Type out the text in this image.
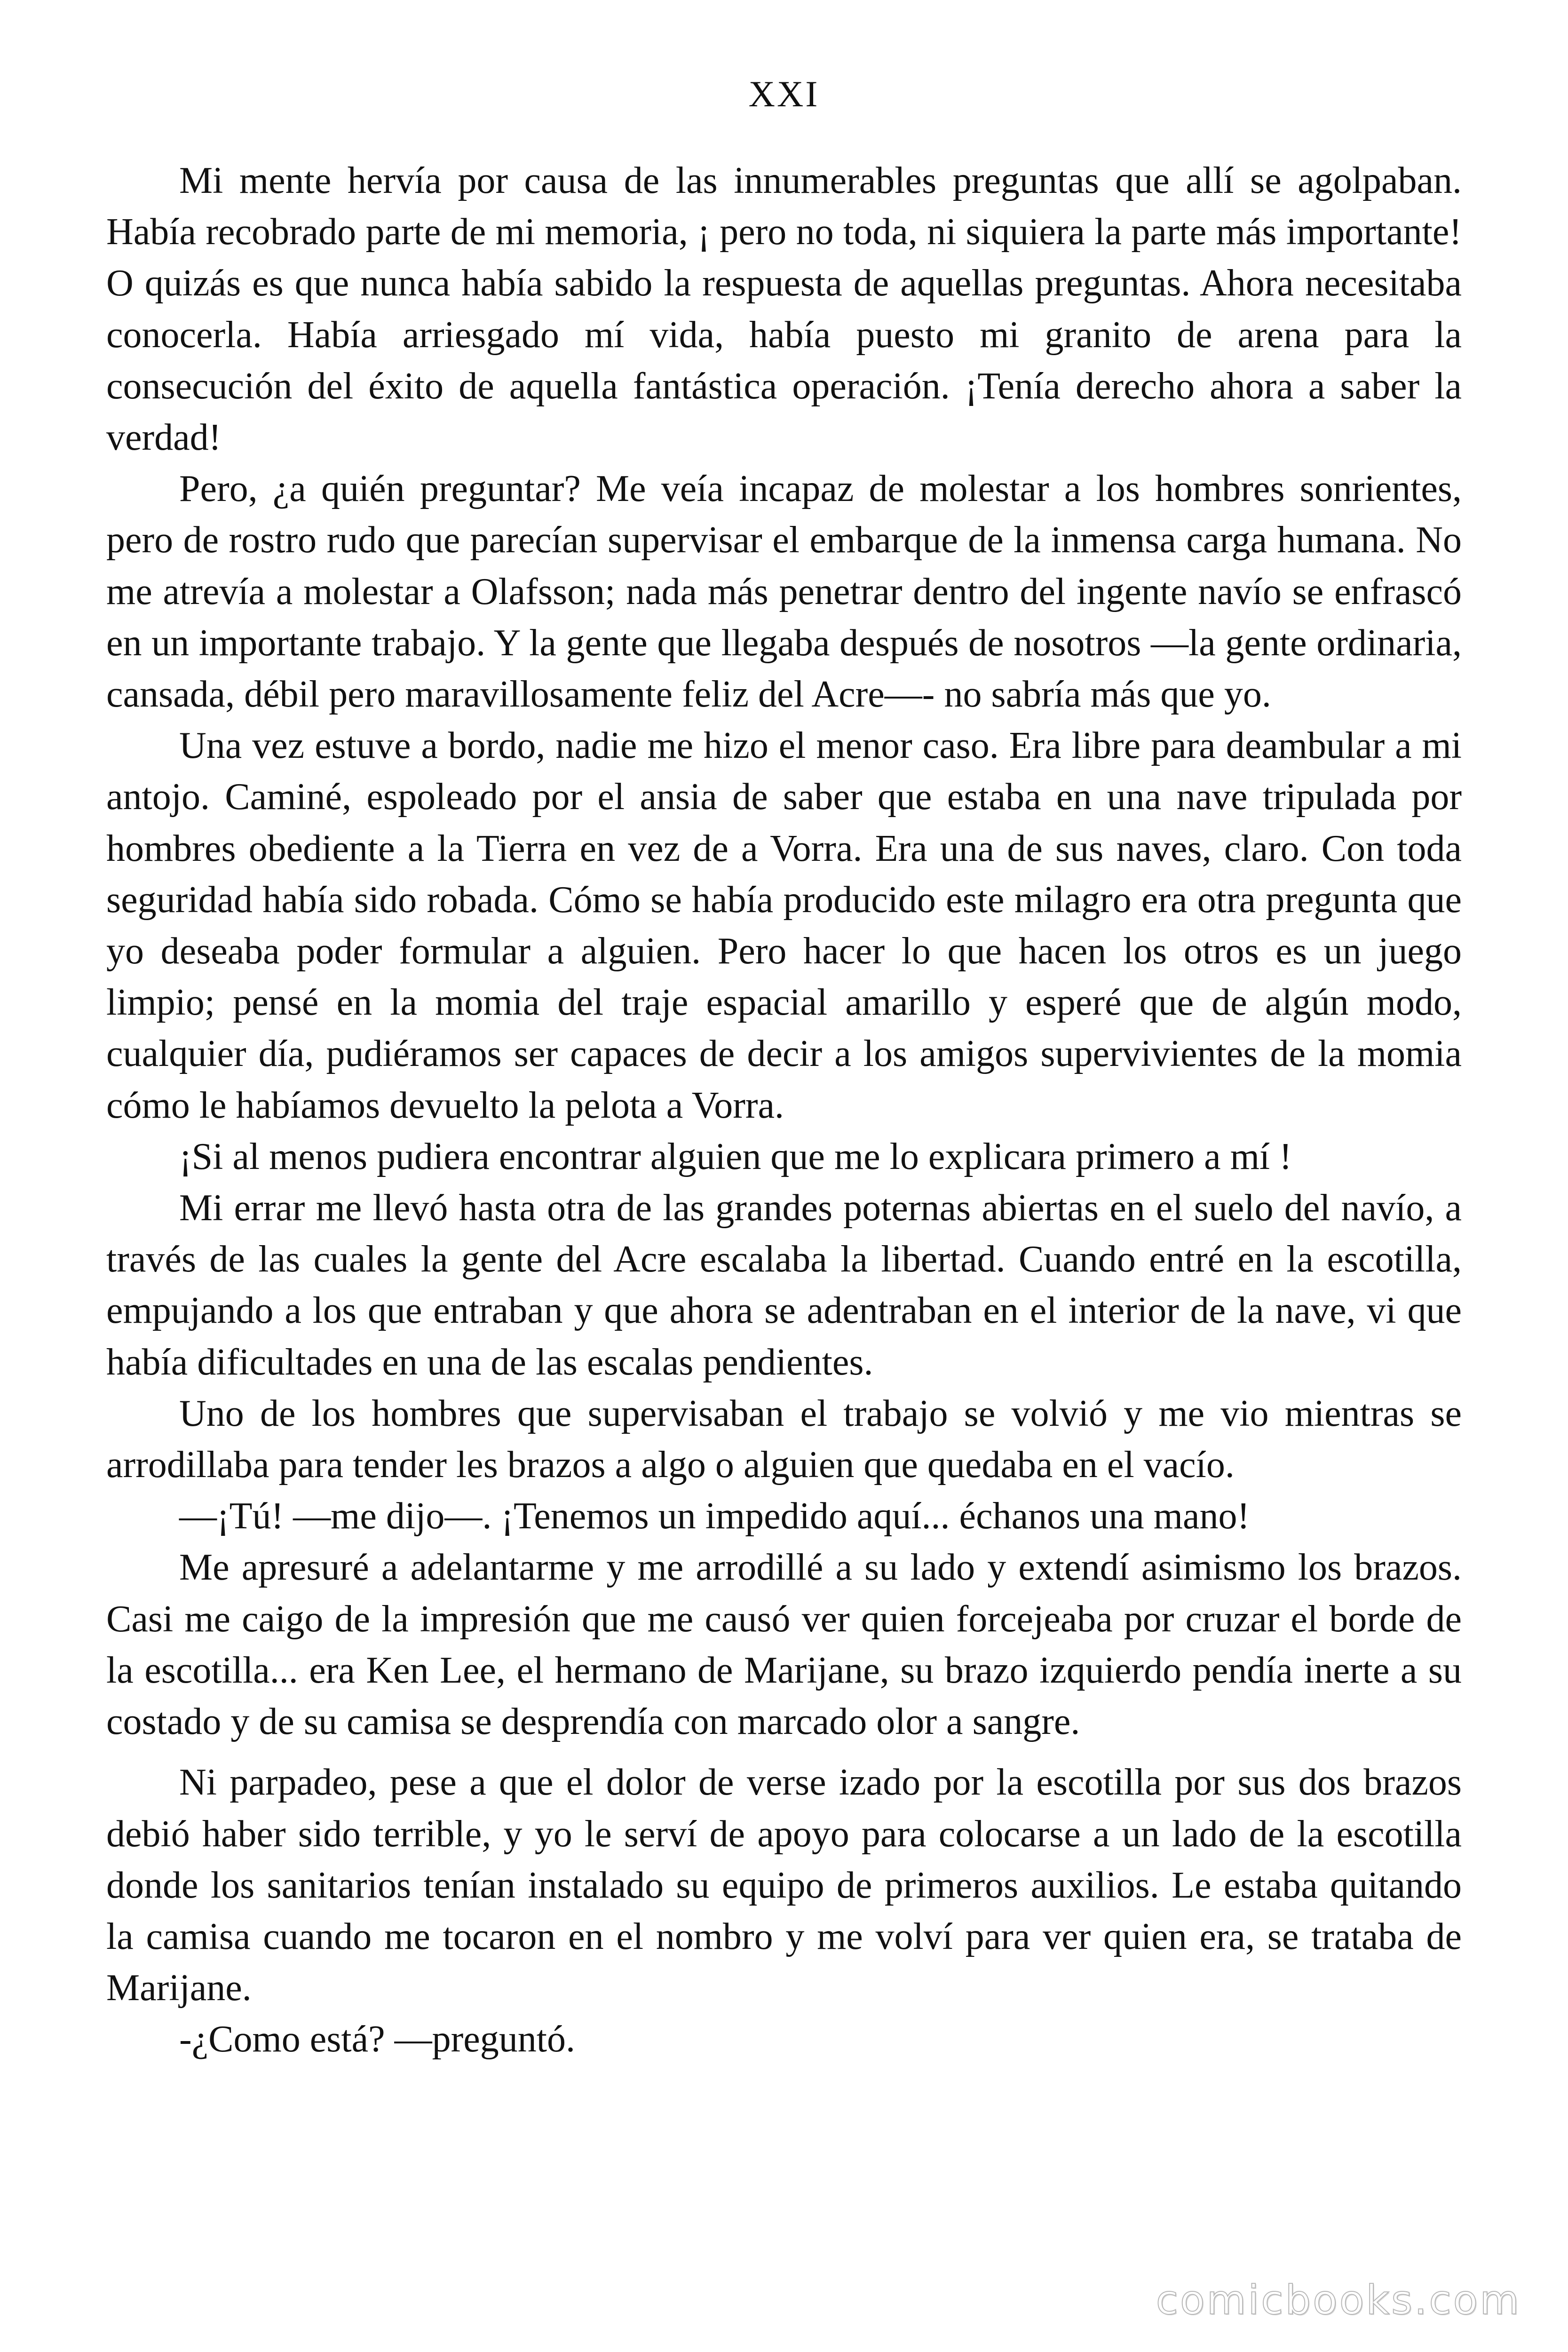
XXI

Mi mente hervía por causa de las innumerables preguntas que allí se agolpaban. Había recobrado parte de mi memoria, ¡ pero no toda, ni siquiera la parte más importante! O quizás es que nunca había sabido la respuesta de aquellas preguntas. Ahora necesitaba conocerla. Había arriesgado mí vida, había puesto mi granito de arena para la consecución del éxito de aquella fantástica operación. ¡Tenía derecho ahora a saber la verdad!

Pero, ¿a quién preguntar? Me veía incapaz de molestar a los hombres sonrientes, pero de rostro rudo que parecían supervisar el embarque de la inmensa carga humana. No me atrevía a molestar a Olafsson; nada más penetrar dentro del ingente navío se enfrascó en un importante trabajo. Y la gente que llegaba después de nosotros —la gente ordinaria, cansada, débil pero maravillosamente feliz del Acre—- no sabría más que yo.

Una vez estuve a bordo, nadie me hizo el menor caso. Era libre para deambular a mi antojo. Caminé, espoleado por el ansia de saber que estaba en una nave tripulada por hombres obediente a la Tierra en vez de a Vorra. Era una de sus naves, claro. Con toda seguridad había sido robada. Cómo se había producido este milagro era otra pregunta que yo deseaba poder formular a alguien. Pero hacer lo que hacen los otros es un juego limpio; pensé en la momia del traje espacial amarillo y esperé que de algún modo, cualquier día, pudiéramos ser capaces de decir a los amigos supervivientes de la momia cómo le habíamos devuelto la pelota a Vorra.

¡Si al menos pudiera encontrar alguien que me lo explicara primero a mí !

Mi errar me llevó hasta otra de las grandes poternas abiertas en el suelo del navío, a través de las cuales la gente del Acre escalaba la libertad. Cuando entré en la escotilla, empujando a los que entraban y que ahora se adentraban en el interior de la nave, vi que había dificultades en una de las escalas pendientes.

Uno de los hombres que supervisaban el trabajo se volvió y me vio mientras se arrodillaba para tender les brazos a algo o alguien que quedaba en el vacío.

—¡Tú! —me dijo—. ¡Tenemos un impedido aquí... échanos una mano!

Me apresuré a adelantarme y me arrodillé a su lado y extendí asimismo los brazos. Casi me caigo de la impresión que me causó ver quien forcejeaba por cruzar el borde de la escotilla... era Ken Lee, el hermano de Marijane, su brazo izquierdo pendía inerte a su costado y de su camisa se desprendía con marcado olor a sangre.

Ni parpadeo, pese a que el dolor de verse izado por la escotilla por sus dos brazos debió haber sido terrible, y yo le serví de apoyo para colocarse a un lado de la escotilla donde los sanitarios tenían instalado su equipo de primeros auxilios. Le estaba quitando la camisa cuando me tocaron en el nombro y me volví para ver quien era, se trataba de Marijane.

-¿Como está? —preguntó.

comicbooks.com
